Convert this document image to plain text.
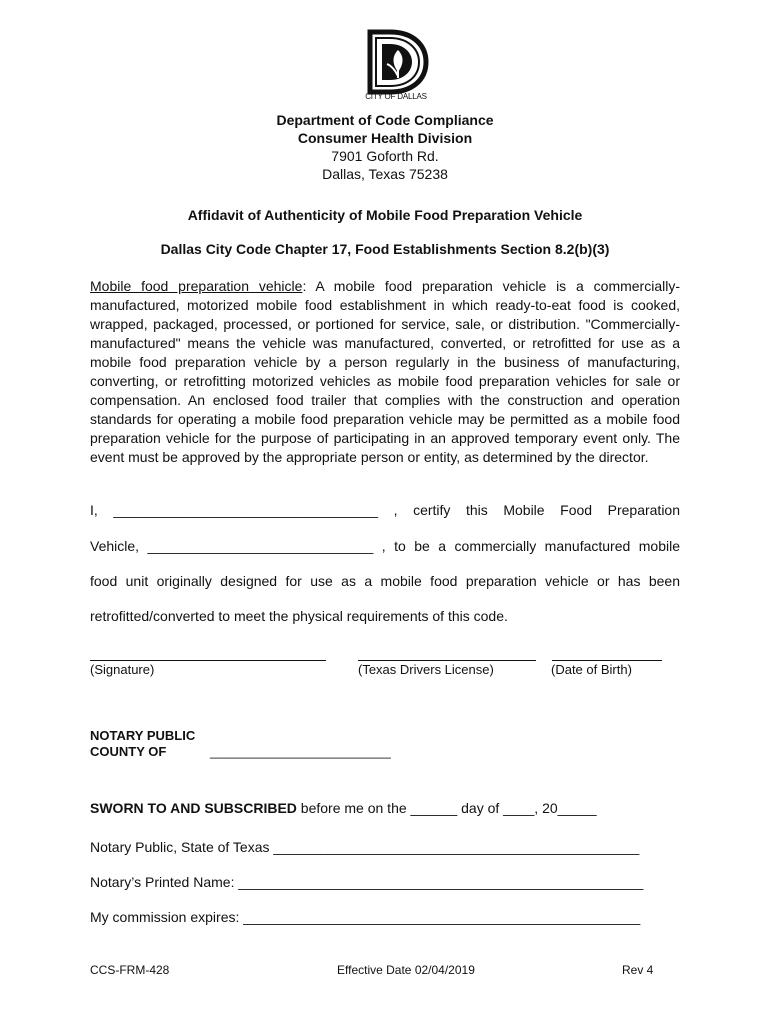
CITY OF DALLAS
Department of Code Compliance
Consumer Health Division
7901 Goforth Rd.
Dallas, Texas 75238
Affidavit of Authenticity of Mobile Food Preparation Vehicle
Dallas City Code Chapter 17, Food Establishments Section 8.2(b)(3)
Mobile food preparation vehicle: A mobile food preparation vehicle is a commercially-manufactured, motorized mobile food establishment in which ready-to-eat food is cooked, wrapped, packaged, processed, or portioned for service, sale, or distribution. "Commercially-manufactured" means the vehicle was manufactured, converted, or retrofitted for use as a mobile food preparation vehicle by a person regularly in the business of manufacturing, converting, or retrofitting motorized vehicles as mobile food preparation vehicles for sale or compensation. An enclosed food trailer that complies with the construction and operation standards for operating a mobile food preparation vehicle may be permitted as a mobile food preparation vehicle for the purpose of participating in an approved temporary event only. The event must be approved by the appropriate person or entity, as determined by the director.
I, __________________________________ , certify this Mobile Food Preparation
Vehicle, _____________________________ , to be a commercially manufactured mobile
food unit originally designed for use as a mobile food preparation vehicle or has been
retrofitted/converted to meet the physical requirements of this code.
(Signature)	(Texas Drivers License)	(Date of Birth)
NOTARY PUBLIC
COUNTY OF	_________________________
SWORN TO AND SUBSCRIBED before me on the ______ day of ____, 20_____
Notary Public, State of Texas _______________________________________________
Notary’s Printed Name: ____________________________________________________
My commission expires: ___________________________________________________
CCS-FRM-428	Effective Date 02/04/2019	Rev 4
